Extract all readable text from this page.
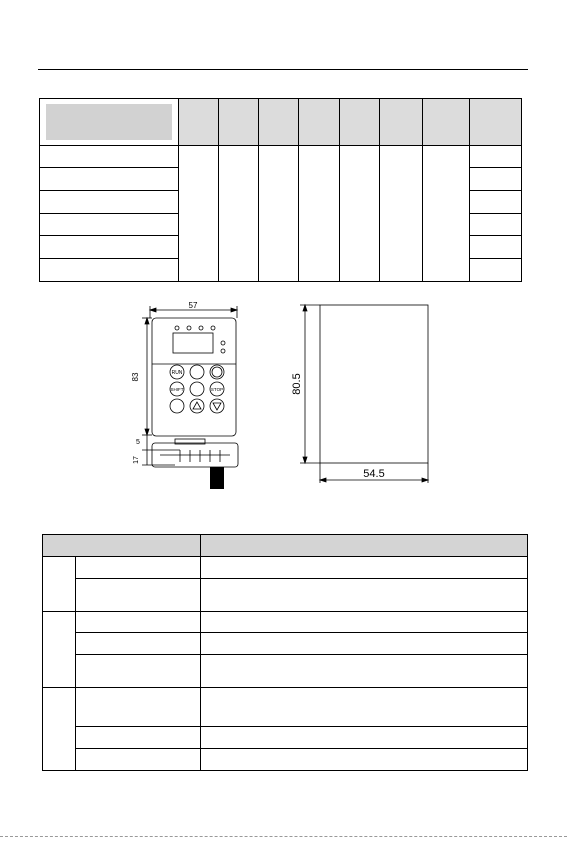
57
83
5
17
RUN
SHIFT	STOP	80.5
54.5
